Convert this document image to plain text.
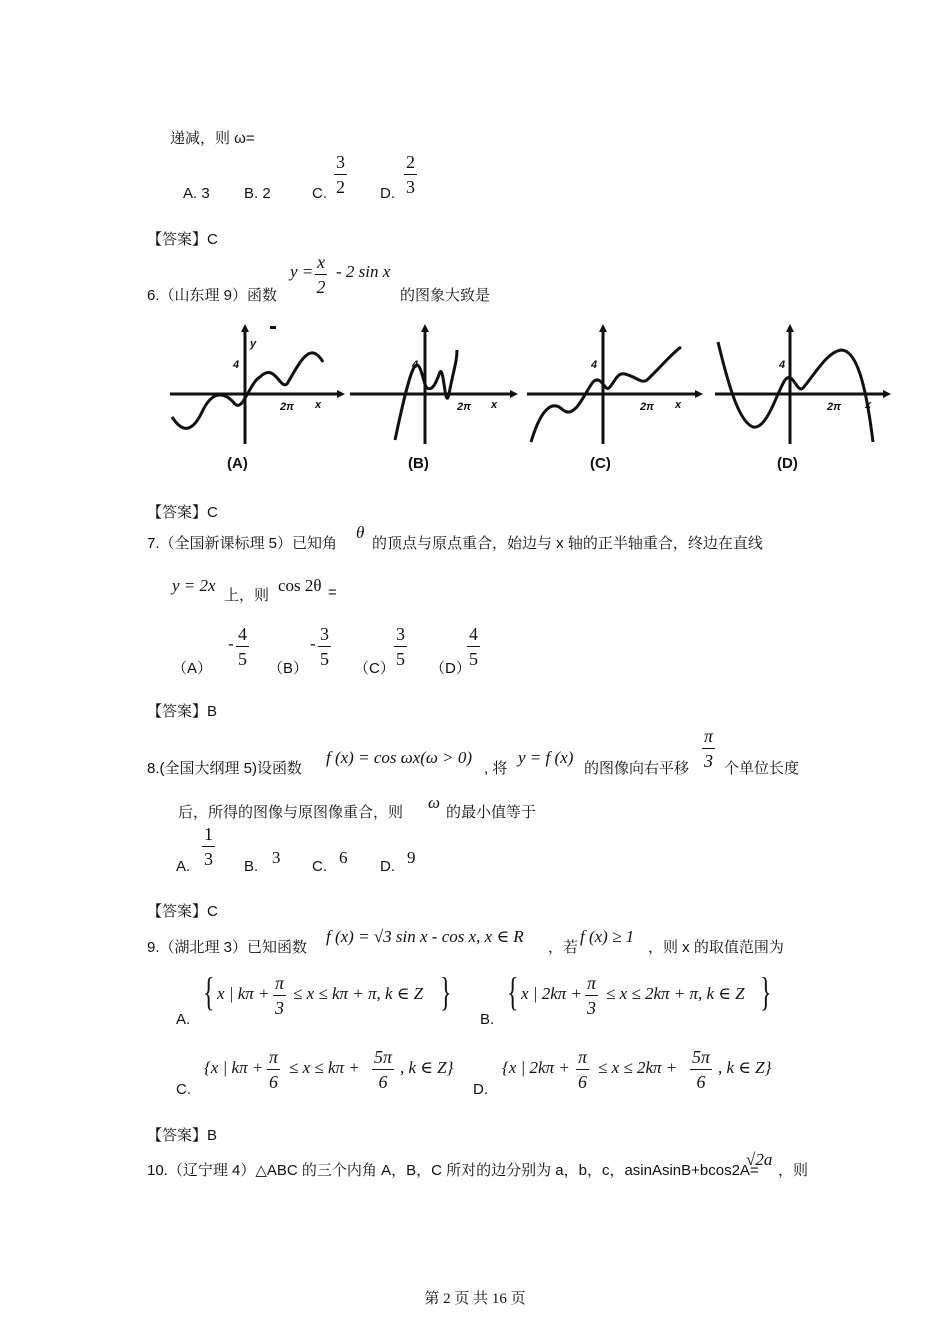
递减，则 ω=
A. 3 B. 2	C.
3
2 D.
2
3
【答案】C
6.（山东理 9）函数
y = x
2
- 2 sin x
的图象大致是
y
4
2π x
4
2π x
4
2π x
4
2π x
(A)	(B)	(C)	(D)
【答案】C
7.（全国新课标理 5）已知角
θ
的顶点与原点重合，始边与 x 轴的正半轴重合，终边在直线
y = 2x
上，则
cos 2θ =
（A）
- 4
5 （B）
- 3
5 （C）
3
5 （D）
4
5
【答案】B
8.(全国大纲理 5)设函数
f (x) = cos ωx(ω > 0)
, 将
y = f (x)
的图像向右平移
π
3 个单位长度
后，所得的图像与原图像重合，则
ω
的最小值等于
A.
1
3 B. 3 C. 6 D. 9
【答案】C
9.（湖北理 3）已知函数
f (x) = √3 sin x - cos x, x ∈ R
，若
f (x) ≥ 1
，则 x 的取值范围为
A.
{ x | kπ +
π
3
≤ x ≤ kπ + π, k ∈ Z }
B.
{ x | 2kπ +
π
3
≤ x ≤ 2kπ + π, k ∈ Z }
C.
{x | kπ +
π
6
≤ x ≤ kπ +
5π
6
, k ∈ Z}
D.
{x | 2kπ +
π
6
≤ x ≤ 2kπ +
5π
6
, k ∈ Z}
【答案】B
10.（辽宁理 4）△ABC 的三个内角 A，B，C 所对的边分别为 a，b，c，asinAsinB+bcos2A=
√2a
，则
第 2 页 共 16 页
